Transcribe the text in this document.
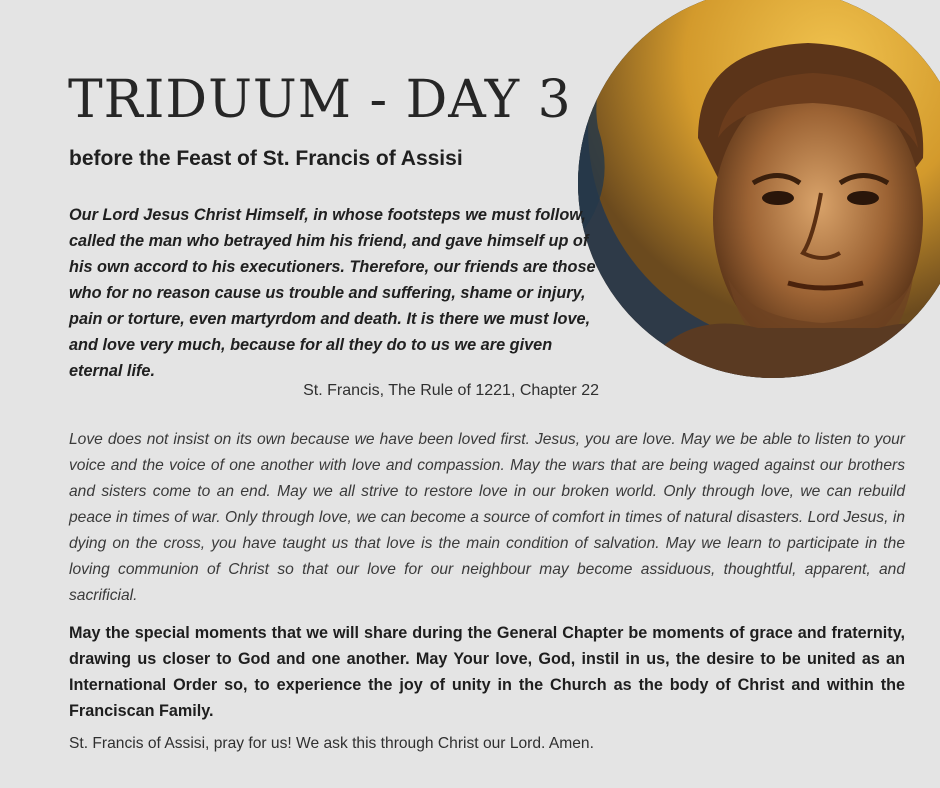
TRIDUUM - DAY 3
before the Feast of St. Francis of Assisi

Our Lord Jesus Christ Himself, in whose footsteps we must follow, called the man who betrayed him his friend, and gave himself up of his own accord to his executioners. Therefore, our friends are those who for no reason cause us trouble and suffering, shame or injury, pain or torture, even martyrdom and death. It is there we must love, and love very much, because for all they do to us we are given eternal life.

St. Francis, The Rule of 1221, Chapter 22

Love does not insist on its own because we have been loved first. Jesus, you are love. May we be able to listen to your voice and the voice of one another with love and compassion. May the wars that are being waged against our brothers and sisters come to an end. May we all strive to restore love in our broken world. Only through love, we can rebuild peace in times of war. Only through love, we can become a source of comfort in times of natural disasters. Lord Jesus, in dying on the cross, you have taught us that love is the main condition of salvation. May we learn to participate in the loving communion of Christ so that our love for our neighbour may become assiduous, thoughtful, apparent, and sacrificial.

May the special moments that we will share during the General Chapter be moments of grace and fraternity, drawing us closer to God and one another. May Your love, God, instil in us, the desire to be united as an International Order so, to experience the joy of unity in the Church as the body of Christ and within the Franciscan Family.

St. Francis of Assisi, pray for us! We ask this through Christ our Lord. Amen.
